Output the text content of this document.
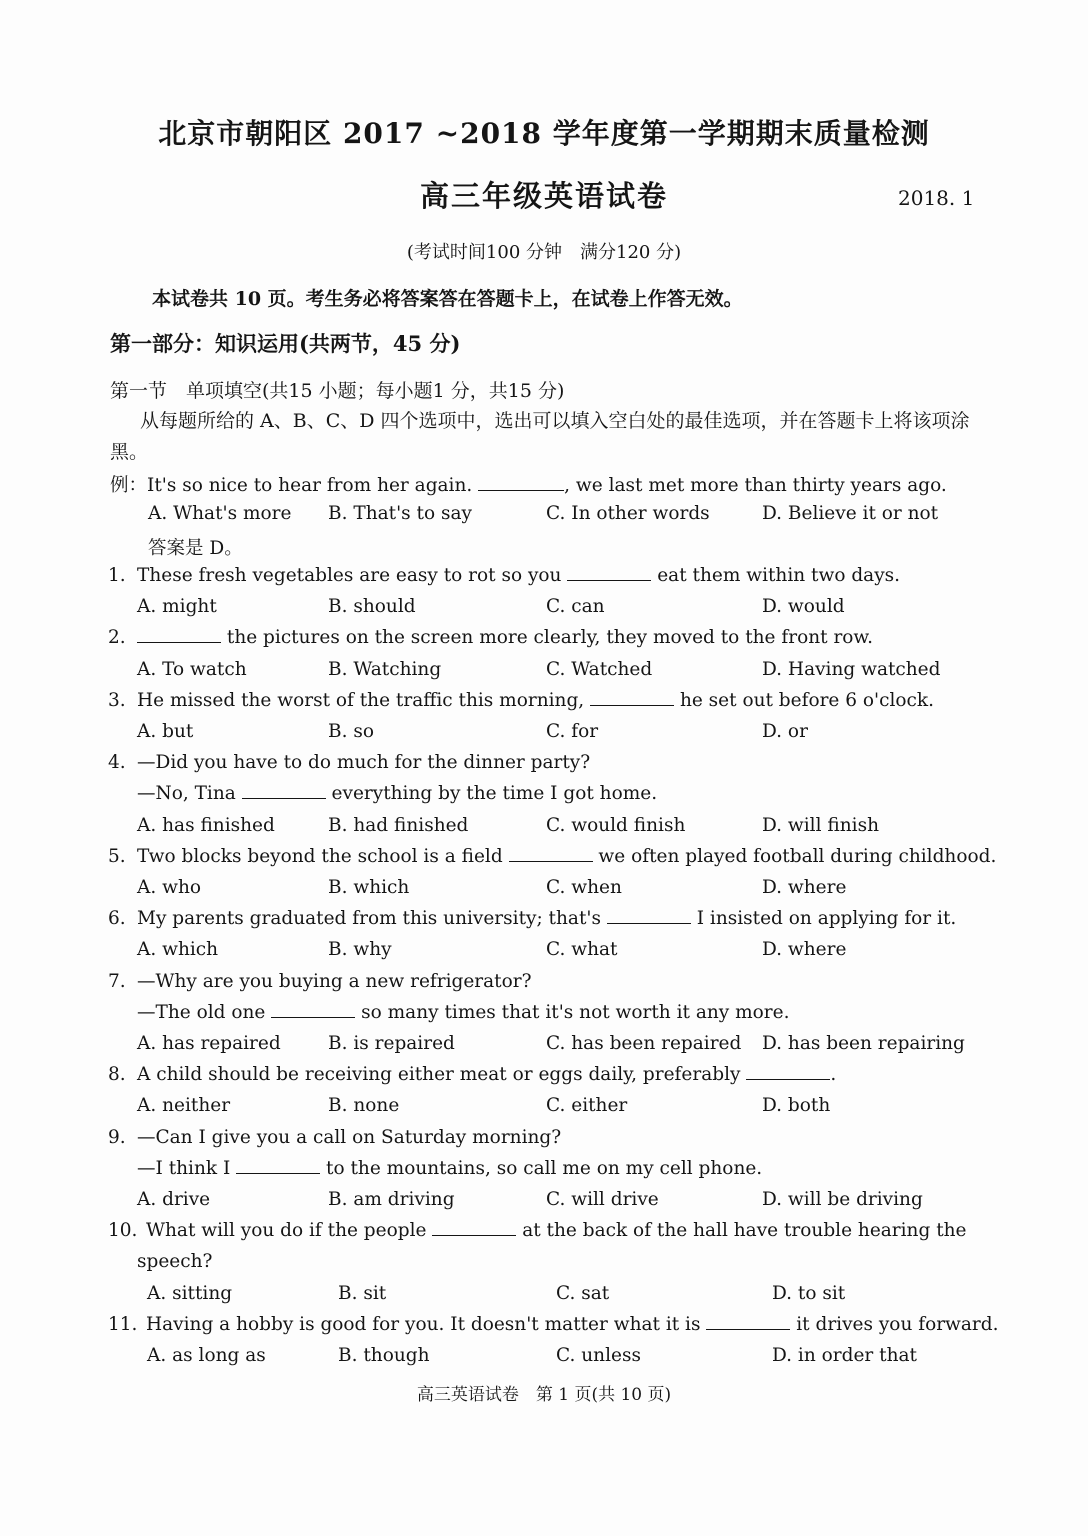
北京市朝阳区 2017 ~2018 学年度第一学期期末质量检测
高三年级英语试卷	2018. 1
(考试时间100 分钟　满分120 分)
本试卷共 10 页。考生务必将答案答在答题卡上，在试卷上作答无效。
第一部分：知识运用(共两节，45 分)
第一节　单项填空(共15 小题；每小题1 分，共15 分)
从每题所给的 A、B、C、D 四个选项中，选出可以填入空白处的最佳选项，并在答题卡上将该项涂黑。
例：It's so nice to hear from her again.	, we last met more than thirty years ago.
A. What's more B. That's to say	C. In other words	D. Believe it or not
答案是 D。
1. These fresh vegetables are easy to rot so you	eat them within two days.
A. might	B. should	C. can	D. would
2.	the pictures on the screen more clearly, they moved to the front row.
A. To watch	B. Watching	C. Watched	D. Having watched
3. He missed the worst of the traffic this morning,	he set out before 6 o'clock.
A. but	B. so	C. for	D. or
4. —Did you have to do much for the dinner party?
—No, Tina	everything by the time I got home.
A. has finished	B. had finished	C. would finish	D. will finish
5. Two blocks beyond the school is a field	we often played football during childhood.
A. who	B. which	C. when	D. where
6. My parents graduated from this university; that's	I insisted on applying for it.
A. which	B. why	C. what	D. where
7. —Why are you buying a new refrigerator?
—The old one	so many times that it's not worth it any more.
A. has repaired	B. is repaired	C. has been repaired D. has been repairing
8. A child should be receiving either meat or eggs daily, preferably	.
A. neither	B. none	C. either	D. both
9. —Can I give you a call on Saturday morning?
—I think I	to the mountains, so call me on my cell phone.
A. drive	B. am driving	C. will drive	D. will be driving
10. What will you do if the people	at the back of the hall have trouble hearing the
speech?
A. sitting	B. sit	C. sat	D. to sit
11. Having a hobby is good for you. It doesn't matter what it is	it drives you forward.
A. as long as	B. though	C. unless	D. in order that
高三英语试卷　第 1 页(共 10 页)
